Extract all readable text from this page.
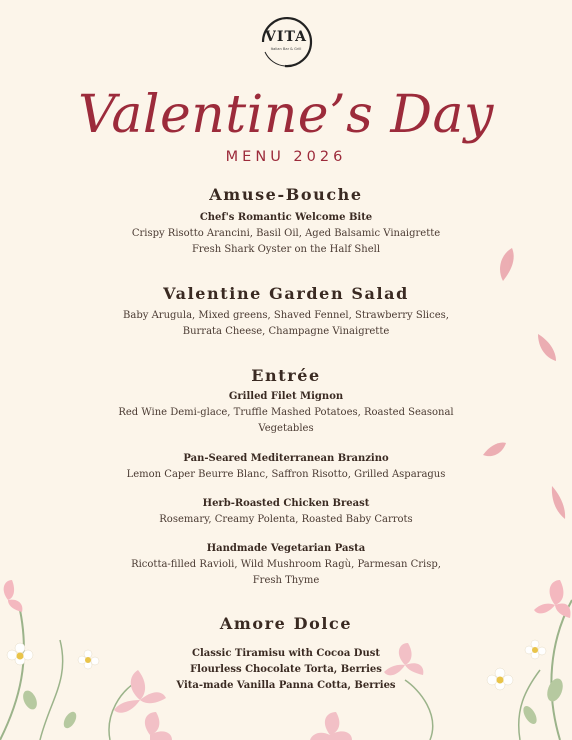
VITA
Italian Bar & Grill
Valentine’s Day
MENU 2026
Amuse-Bouche
Chef's Romantic Welcome Bite
Crispy Risotto Arancini, Basil Oil, Aged Balsamic Vinaigrette
Fresh Shark Oyster on the Half Shell
Valentine Garden Salad
Baby Arugula, Mixed greens, Shaved Fennel, Strawberry Slices,
Burrata Cheese, Champagne Vinaigrette
Entrée
Grilled Filet Mignon
Red Wine Demi-glace, Truffle Mashed Potatoes, Roasted Seasonal
Vegetables
Pan-Seared Mediterranean Branzino
Lemon Caper Beurre Blanc, Saffron Risotto, Grilled Asparagus
Herb-Roasted Chicken Breast
Rosemary, Creamy Polenta, Roasted Baby Carrots
Handmade Vegetarian Pasta
Ricotta-filled Ravioli, Wild Mushroom Ragù, Parmesan Crisp,
Fresh Thyme
Amore Dolce
Classic Tiramisu with Cocoa Dust
Flourless Chocolate Torta, Berries
Vita-made Vanilla Panna Cotta, Berries
